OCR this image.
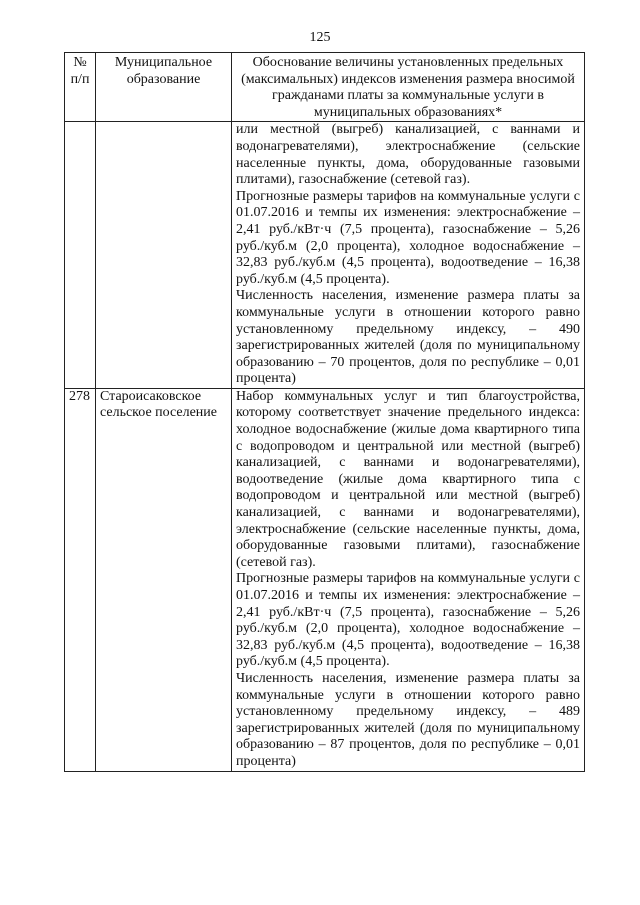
125
№ п/п	Муниципальное образование	Обоснование величины установленных предельных (максимальных) индексов изменения размера вносимой гражданами платы за коммунальные услуги в муниципальных образованиях*

		или местной (выгреб) канализацией, с ваннами и водонагревателями), электроснабжение (сельские населенные пункты, дома, оборудованные газовыми плитами), газоснабжение (сетевой газ).
Прогнозные размеры тарифов на коммунальные услуги с 01.07.2016 и темпы их изменения: электроснабжение – 2,41 руб./кВт·ч (7,5 процента), газоснабжение – 5,26 руб./куб.м (2,0 процента), холодное водоснабжение – 32,83 руб./куб.м (4,5 процента), водоотведение – 16,38 руб./куб.м (4,5 процента).
Численность населения, изменение размера платы за коммунальные услуги в отношении которого равно установленному предельному индексу, – 490 зарегистрированных жителей (доля по муниципальному образованию – 70 процентов, доля по республике – 0,01 процента)

278	Староисаковское сельское поселение	Набор коммунальных услуг и тип благоустройства, которому соответствует значение предельного индекса: холодное водоснабжение (жилые дома квартирного типа с водопроводом и центральной или местной (выгреб) канализацией, с ваннами и водонагревателями), водоотведение (жилые дома квартирного типа с водопроводом и центральной или местной (выгреб) канализацией, с ваннами и водонагревателями), электроснабжение (сельские населенные пункты, дома, оборудованные газовыми плитами), газоснабжение (сетевой газ).
Прогнозные размеры тарифов на коммунальные услуги с 01.07.2016 и темпы их изменения: электроснабжение – 2,41 руб./кВт·ч (7,5 процента), газоснабжение – 5,26 руб./куб.м (2,0 процента), холодное водоснабжение – 32,83 руб./куб.м (4,5 процента), водоотведение – 16,38 руб./куб.м (4,5 процента).
Численность населения, изменение размера платы за коммунальные услуги в отношении которого равно установленному предельному индексу, – 489 зарегистрированных жителей (доля по муниципальному образованию – 87 процентов, доля по республике – 0,01 процента)
